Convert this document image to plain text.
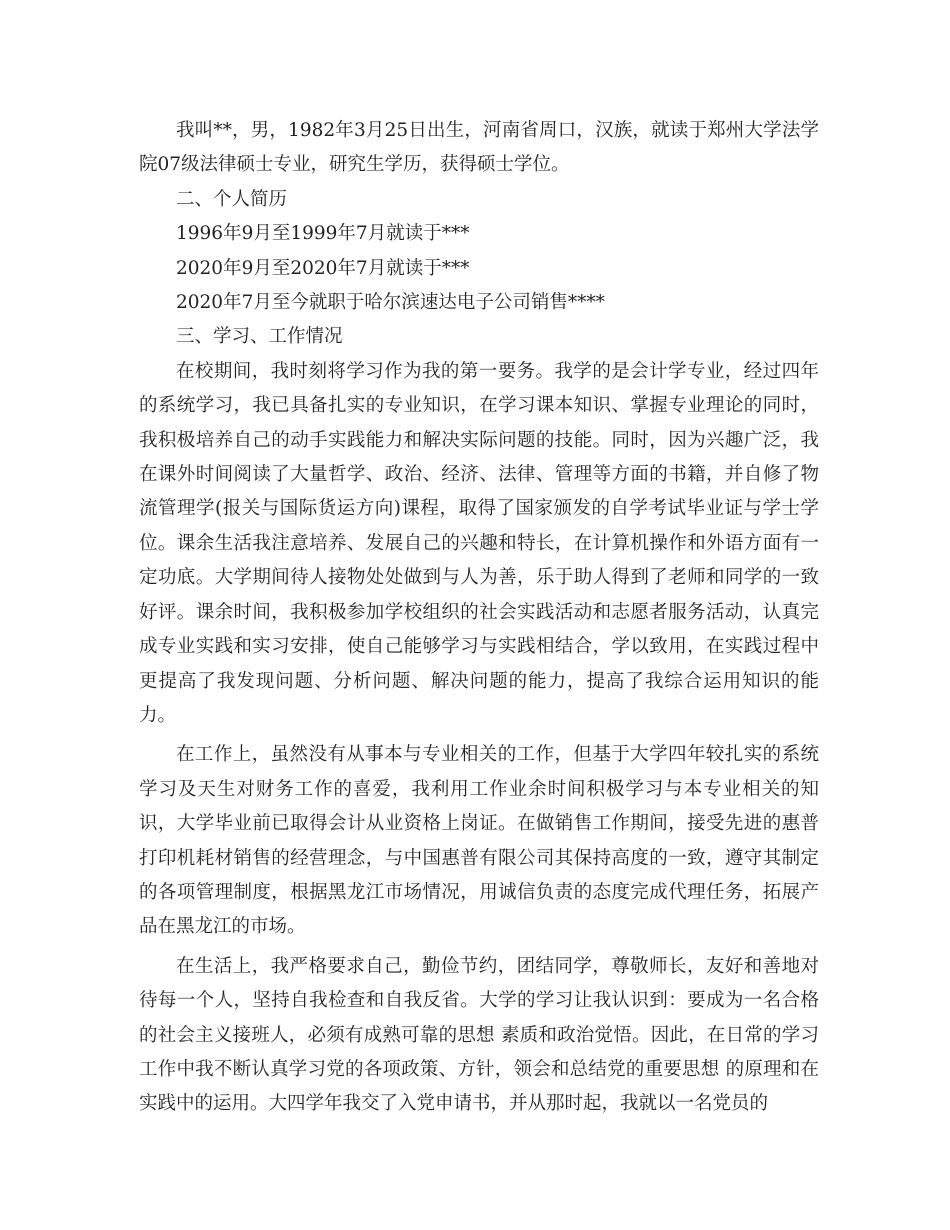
我叫**，男，1982年3月25日出生，河南省周口，汉族，就读于郑州大学法学院07级法律硕士专业，研究生学历，获得硕士学位。

二、个人简历

1996年9月至1999年7月就读于***

2020年9月至2020年7月就读于***

2020年7月至今就职于哈尔滨速达电子公司销售****

三、学习、工作情况

在校期间，我时刻将学习作为我的第一要务。我学的是会计学专业，经过四年的系统学习，我已具备扎实的专业知识，在学习课本知识、掌握专业理论的同时，我积极培养自己的动手实践能力和解决实际问题的技能。同时，因为兴趣广泛，我在课外时间阅读了大量哲学、政治、经济、法律、管理等方面的书籍，并自修了物流管理学(报关与国际货运方向)课程，取得了国家颁发的自学考试毕业证与学士学位。课余生活我注意培养、发展自己的兴趣和特长，在计算机操作和外语方面有一定功底。大学期间待人接物处处做到与人为善，乐于助人得到了老师和同学的一致好评。课余时间，我积极参加学校组织的社会实践活动和志愿者服务活动，认真完成专业实践和实习安排，使自己能够学习与实践相结合，学以致用，在实践过程中更提高了我发现问题、分析问题、解决问题的能力，提高了我综合运用知识的能力。

在工作上，虽然没有从事本与专业相关的工作，但基于大学四年较扎实的系统学习及天生对财务工作的喜爱，我利用工作业余时间积极学习与本专业相关的知识，大学毕业前已取得会计从业资格上岗证。在做销售工作期间，接受先进的惠普打印机耗材销售的经营理念，与中国惠普有限公司其保持高度的一致，遵守其制定的各项管理制度，根据黑龙江市场情况，用诚信负责的态度完成代理任务，拓展产品在黑龙江的市场。

在生活上，我严格要求自己，勤俭节约，团结同学，尊敬师长，友好和善地对待每一个人，坚持自我检查和自我反省。大学的学习让我认识到：要成为一名合格的社会主义接班人，必须有成熟可靠的思想 素质和政治觉悟。因此，在日常的学习工作中我不断认真学习党的各项政策、方针，领会和总结党的重要思想 的原理和在实践中的运用。大四学年我交了入党申请书，并从那时起，我就以一名党员的
